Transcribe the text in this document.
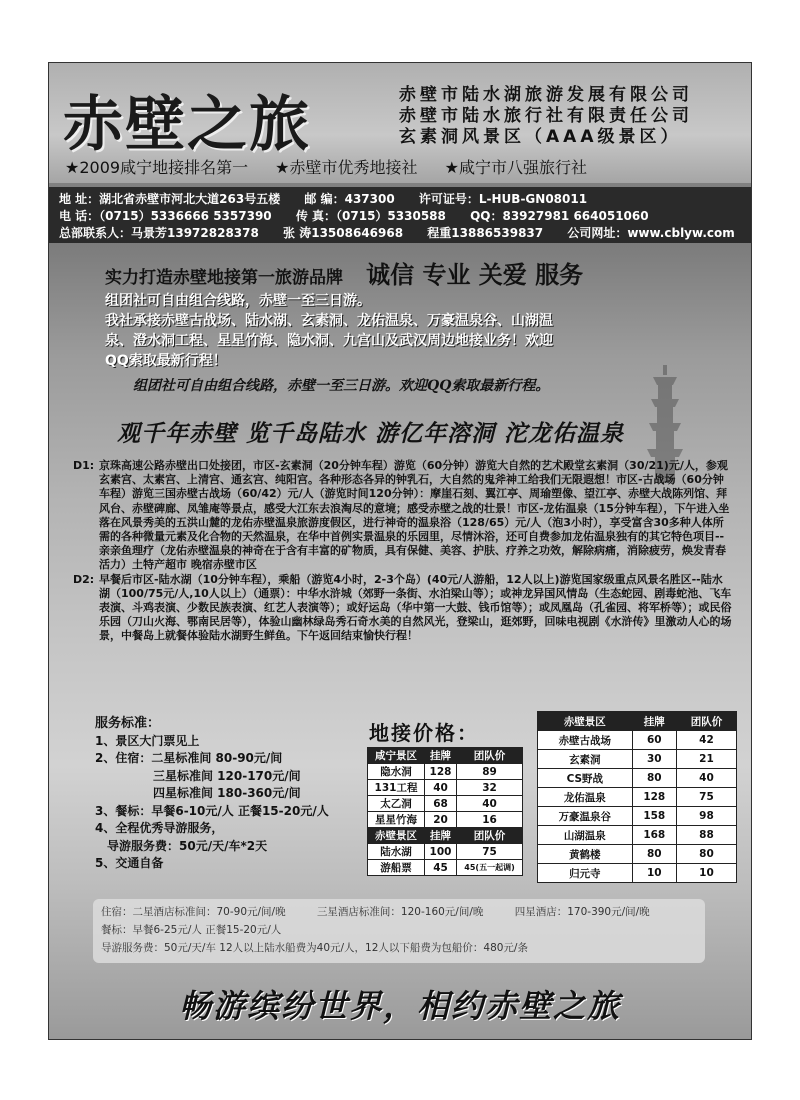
赤壁之旅	赤壁市陆水湖旅游发展有限公司
赤壁市陆水旅行社有限责任公司
玄素洞风景区（AAA级景区）
★2009咸宁地接排名第一 ★赤壁市优秀地接社 ★咸宁市八强旅行社
地 址：湖北省赤壁市河北大道263号五楼 邮 编：437300 许可证号：L-HUB-GN08011
电 话：（0715）5336666 5357390 传 真：（0715）5330588 QQ：83927981 664051060
总部联系人：马景芳13972828378 张 涛13508646968 程重13886539837 公司网址：www.cblyw.com
实力打造赤壁地接第一旅游品牌 诚信 专业 关爱 服务
组团社可自由组合线路，赤壁一至三日游。
我社承接赤壁古战场、陆水湖、玄素洞、龙佑温泉、万豪温泉谷、山湖温
泉、澄水洞工程、星星竹海、隐水洞、九宫山及武汉周边地接业务！欢迎
QQ索取最新行程！
组团社可自由组合线路，赤壁一至三日游。欢迎QQ索取最新行程。
观千年赤壁 览千岛陆水 游亿年溶洞 沱龙佑温泉
D1: 京珠高速公路赤壁出口处接团，市区-玄素洞（20分钟车程）游览（60分钟）游览大自然的艺术殿堂玄素洞（30/21)元/人，参观玄素宫、太素宫、上清宫、通玄宫、纯阳宫。各种形态各异的钟乳石，大自然的鬼斧神工给我们无限遐想！市区-古战场（60分钟车程）游览三国赤壁古战场（60/42）元/人（游览时间120分钟）：摩崖石刻、翼江亭、周瑜塑像、望江亭、赤壁大战陈列馆、拜风台、赤壁碑廊、凤雏庵等景点，感受大江东去浪淘尽的意境；感受赤壁之战的壮景！市区-龙佑温泉（15分钟车程），下午进入坐落在风景秀美的五洪山麓的龙佑赤壁温泉旅游度假区，进行神奇的温泉浴（128/65）元/人（泡3小时），享受富含30多种人体所需的各种微量元素及化合物的天然温泉，在华中首例实景温泉的乐园里，尽情沐浴，还可自费参加龙佑温泉独有的其它特色项目--亲亲鱼理疗（龙佑赤壁温泉的神奇在于含有丰富的矿物质，具有保健、美容、护肤、疗养之功效，解除病痛，消除疲劳，焕发青春活力）土特产超市 晚宿赤壁市区
D2: 早餐后市区-陆水湖（10分钟车程），乘船（游览4小时，2-3个岛）(40元/人游船，12人以上)游览国家级重点风景名胜区--陆水湖（100/75元/人,10人以上）（通票）：中华水浒城（郊野一条街、水泊梁山等）；或神龙异国风情岛（生态蛇园、剧毒蛇池、飞车表演、斗鸡表演、少数民族表演、红艺人表演等）；或好运岛（华中第一大鼓、钱币馆等）；或凤凰岛（孔雀园、将军桥等）；或民俗乐园（刀山火海、鄂南民居等），体验山幽林绿岛秀石奇水美的自然风光，登梁山，逛郊野，回味电视剧《水浒传》里激动人心的场景，中餐岛上就餐体验陆水湖野生鲜鱼。下午返回结束愉快行程！
服务标准：
1、景区大门票见上
2、住宿：二星标准间 80-90元/间
三星标准间 120-170元/间
四星标准间 180-360元/间
3、餐标：早餐6-10元/人 正餐15-20元/人
4、全程优秀导游服务，
导游服务费：50元/天/车*2天
5、交通自备
地接价格：
咸宁景区	挂牌	团队价
隐水洞	128	89
131工程	40	32
太乙洞	68	40
星星竹海	20	16
赤壁景区	挂牌	团队价
陆水湖	100	75
游船票	45	45(五一起调)
赤壁景区	挂牌	团队价
赤壁古战场	60	42
玄素洞	30	21
CS野战	80	40
龙佑温泉	128	75
万豪温泉谷	158	98
山湖温泉	168	88
黄鹤楼	80	80
归元寺	10	10
住宿：二星酒店标准间：70-90元/间/晚	三星酒店标准间：120-160元/间/晚	四星酒店：170-390元/间/晚
餐标：早餐6-25元/人 正餐15-20元/人
导游服务费：50元/天/车 12人以上陆水船费为40元/人，12人以下船费为包船价：480元/条
畅游缤纷世界，相约赤壁之旅
